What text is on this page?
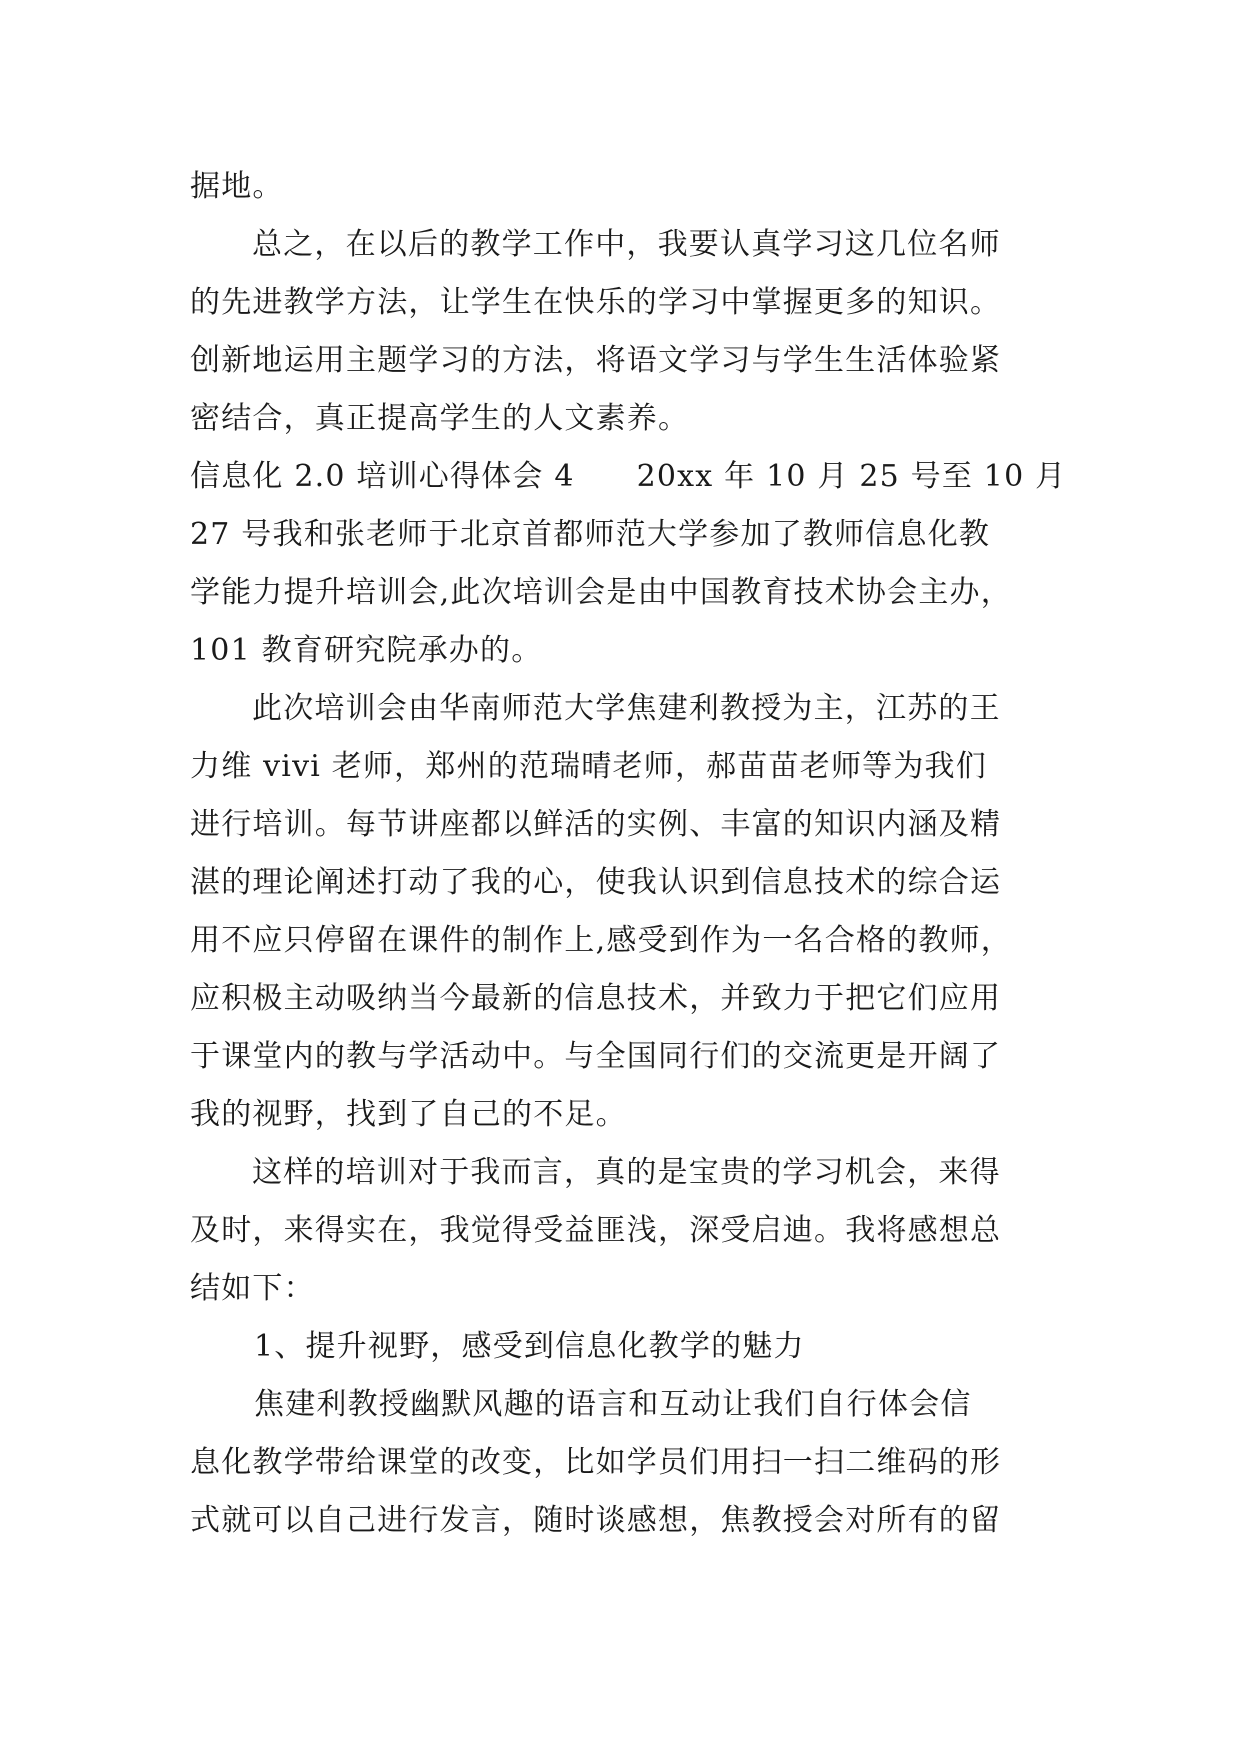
据地。
总之，在以后的教学工作中，我要认真学习这几位名师
的先进教学方法，让学生在快乐的学习中掌握更多的知识。
创新地运用主题学习的方法，将语文学习与学生生活体验紧
密结合，真正提高学生的人文素养。
信息化 2.0 培训心得体会 4 20xx 年 10 月 25 号至 10 月
27 号我和张老师于北京首都师范大学参加了教师信息化教
学能力提升培训会,此次培训会是由中国教育技术协会主办，
101 教育研究院承办的。
此次培训会由华南师范大学焦建利教授为主，江苏的王
力维 vivi 老师，郑州的范瑞晴老师，郝苗苗老师等为我们
进行培训。每节讲座都以鲜活的实例、丰富的知识内涵及精
湛的理论阐述打动了我的心，使我认识到信息技术的综合运
用不应只停留在课件的制作上,感受到作为一名合格的教师，
应积极主动吸纳当今最新的信息技术，并致力于把它们应用
于课堂内的教与学活动中。与全国同行们的交流更是开阔了
我的视野，找到了自己的不足。
这样的培训对于我而言，真的是宝贵的学习机会，来得
及时，来得实在，我觉得受益匪浅，深受启迪。我将感想总
结如下：
1、提升视野，感受到信息化教学的魅力
焦建利教授幽默风趣的语言和互动让我们自行体会信
息化教学带给课堂的改变，比如学员们用扫一扫二维码的形
式就可以自己进行发言，随时谈感想，焦教授会对所有的留
